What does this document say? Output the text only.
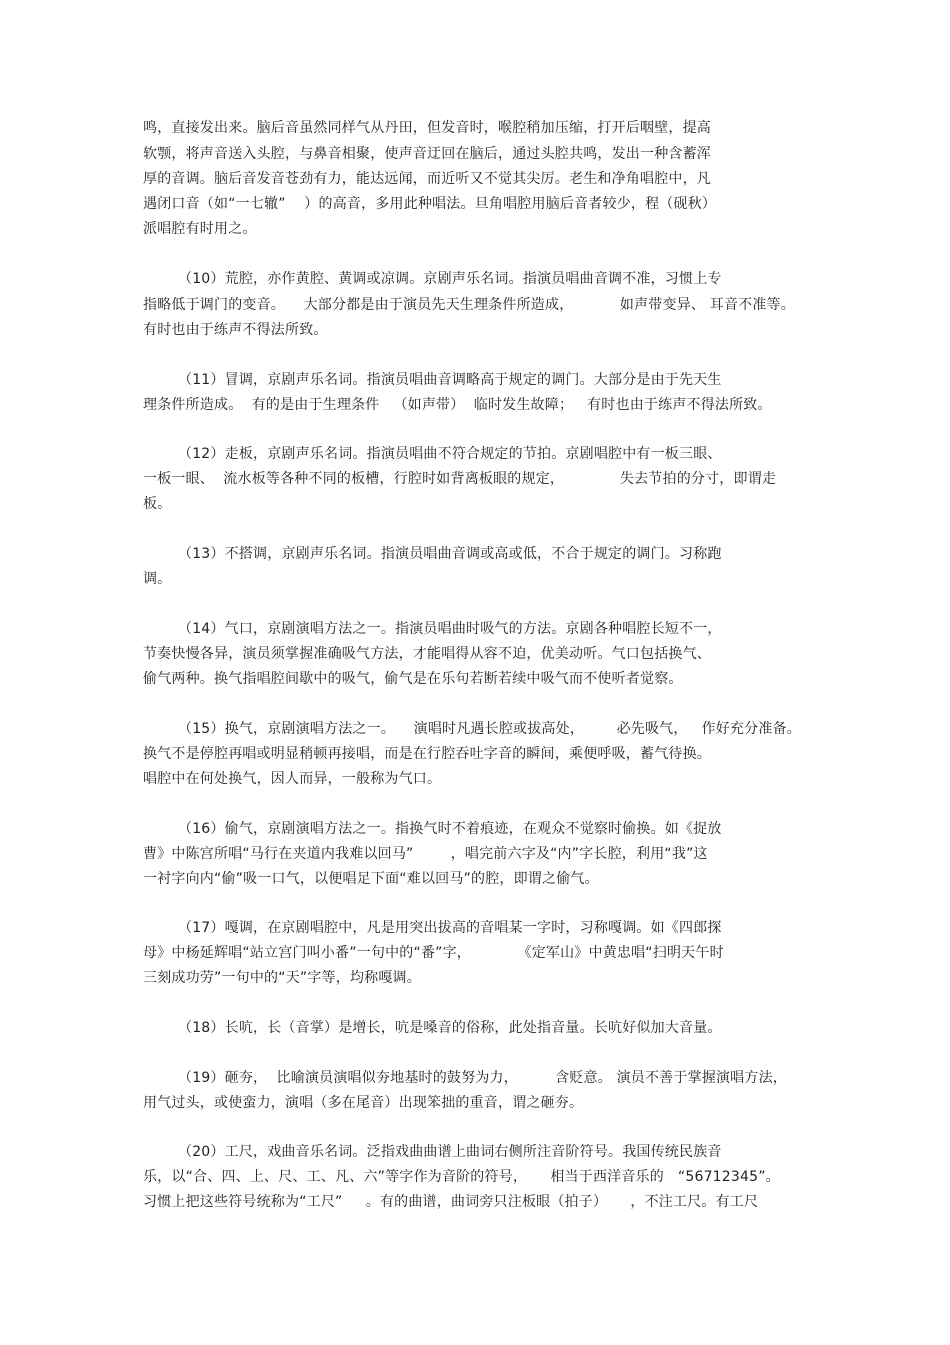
鸣，直接发出来。脑后音虽然同样气从丹田，但发音时，喉腔稍加压缩，打开后咽壁，提高
软颚，将声音送入头腔，与鼻音相聚，使声音迂回在脑后，通过头腔共鸣，发出一种含蓄浑
厚的音调。脑后音发音苍劲有力，能达远闻，而近听又不觉其尖厉。老生和净角唱腔中，凡
遇闭口音（如“一七辙”    ）的高音，多用此种唱法。旦角唱腔用脑后音者较少，程（砚秋）
派唱腔有时用之。
（10）荒腔，亦作黄腔、黄调或凉调。京剧声乐名词。指演员唱曲音调不准，习惯上专
指略低于调门的变音。    大部分都是由于演员先天生理条件所造成，          如声带变异、 耳音不准等。
有时也由于练声不得法所致。
（11）冒调，京剧声乐名词。指演员唱曲音调略高于规定的调门。大部分是由于先天生
理条件所造成。  有的是由于生理条件   （如声带）  临时发生故障；   有时也由于练声不得法所致。
（12）走板，京剧声乐名词。指演员唱曲不符合规定的节拍。京剧唱腔中有一板三眼、
一板一眼、  流水板等各种不同的板槽，行腔时如背离板眼的规定，            失去节拍的分寸，即谓走
板。
（13）不搭调，京剧声乐名词。指演员唱曲音调或高或低，不合于规定的调门。习称跑
调。
（14）气口，京剧演唱方法之一。指演员唱曲时吸气的方法。京剧各种唱腔长短不一，
节奏快慢各异，演员须掌握准确吸气方法，才能唱得从容不迫，优美动听。气口包括换气、
偷气两种。换气指唱腔间歇中的吸气，偷气是在乐句若断若续中吸气而不使听者觉察。
（15）换气，京剧演唱方法之一。    演唱时凡遇长腔或拔高处，       必先吸气，   作好充分准备。
换气不是停腔再唱或明显稍顿再接唱，而是在行腔吞吐字音的瞬间，乘便呼吸，蓄气待换。
唱腔中在何处换气，因人而异，一般称为气口。
（16）偷气，京剧演唱方法之一。指换气时不着痕迹，在观众不觉察时偷换。如《捉放
曹》中陈宫所唱“马行在夹道内我难以回马”        ，唱完前六字及“内”字长腔，利用“我”这
一衬字向内“偷”吸一口气，以便唱足下面“难以回马”的腔，即谓之偷气。
（17）嘎调，在京剧唱腔中，凡是用突出拔高的音唱某一字时，习称嘎调。如《四郎探
母》中杨延辉唱“站立宫门叫小番”一句中的“番”字，          《定军山》中黄忠唱“扫明天午时
三刻成功劳”一句中的“天”字等，均称嘎调。
（18）长吭，长（音掌）是增长，吭是嗓音的俗称，此处指音量。长吭好似加大音量。
（19）砸夯，  比喻演员演唱似夯地基时的鼓努为力，        含贬意。 演员不善于掌握演唱方法，
用气过头，或使蛮力，演唱（多在尾音）出现笨拙的重音，谓之砸夯。
（20）工尺，戏曲音乐名词。泛指戏曲曲谱上曲词右侧所注音阶符号。我国传统民族音
乐，以“合、四、上、尺、工、凡、六”等字作为音阶的符号，     相当于西洋音乐的   “56712345”。
习惯上把这些符号统称为“工尺”     。有的曲谱，曲词旁只注板眼（拍子）     ，不注工尺。有工尺
